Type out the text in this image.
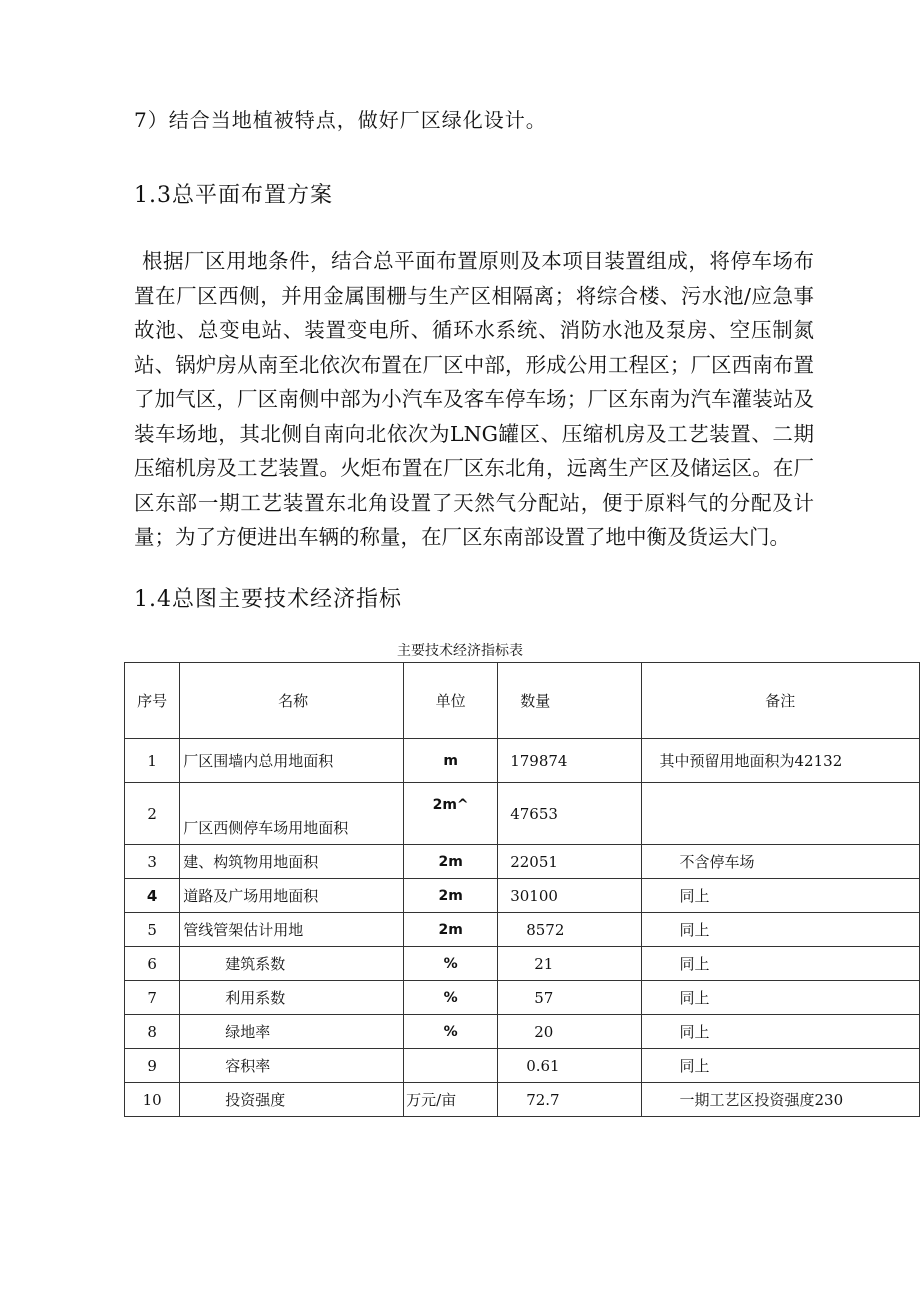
7）结合当地植被特点，做好厂区绿化设计。
1.3总平面布置方案
根据厂区用地条件，结合总平面布置原则及本项目装置组成，将停车场布置在厂区西侧，并用金属围栅与生产区相隔离；将综合楼、污水池/应急事故池、总变电站、装置变电所、循环水系统、消防水池及泵房、空压制氮站、锅炉房从南至北依次布置在厂区中部，形成公用工程区；厂区西南布置了加气区，厂区南侧中部为小汽车及客车停车场；厂区东南为汽车灌装站及装车场地，其北侧自南向北依次为LNG罐区、压缩机房及工艺装置、二期压缩机房及工艺装置。火炬布置在厂区东北角，远离生产区及储运区。在厂区东部一期工艺装置东北角设置了天然气分配站，便于原料气的分配及计量；为了方便进出车辆的称量，在厂区东南部设置了地中衡及货运大门。
1.4总图主要技术经济指标
主要技术经济指标表
序号	名称	单位	数量	备注
1	厂区围墙内总用地面积	m	179874	其中预留用地面积为42132
2	厂区西侧停车场用地面积	2m^	47653	
3	建、构筑物用地面积	2m	22051	不含停车场
4	道路及广场用地面积	2m	30100	同上
5	管线管架估计用地	2m	8572	同上
6	建筑系数	%	21	同上
7	利用系数	%	57	同上
8	绿地率	%	20	同上
9	容积率		0.61	同上
10	投资强度	万元/亩	72.7	一期工艺区投资强度230
